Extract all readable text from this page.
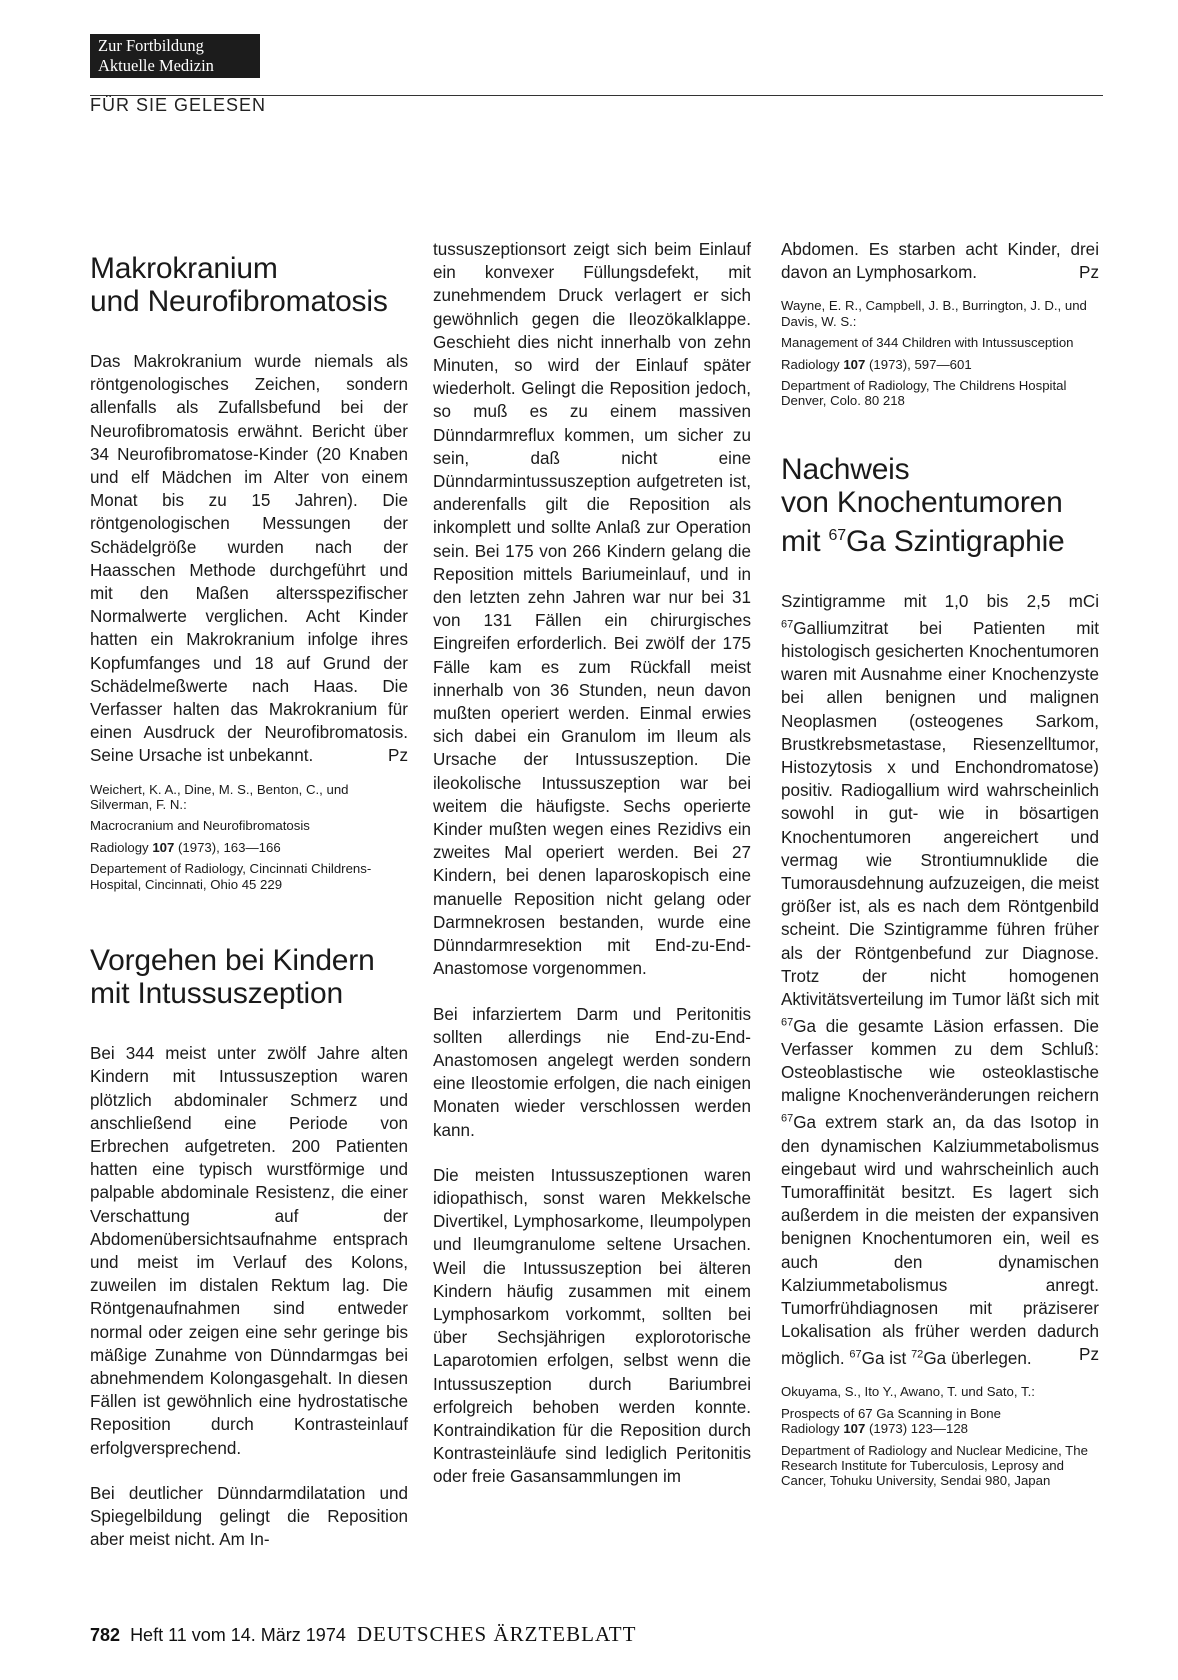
Zur Fortbildung
Aktuelle Medizin
FÜR SIE GELESEN
Makrokranium
und Neurofibromatosis

Das Makrokranium wurde niemals als röntgenologisches Zeichen, sondern allenfalls als Zufallsbefund bei der Neurofibromatosis erwähnt. Bericht über 34 Neurofibromatose-Kinder (20 Knaben und elf Mädchen im Alter von einem Monat bis zu 15 Jahren). Die röntgenologischen Messungen der Schädelgröße wurden nach der Haasschen Methode durchgeführt und mit den Maßen altersspezifischer Normalwerte verglichen. Acht Kinder hatten ein Makrokranium infolge ihres Kopfumfanges und 18 auf Grund der Schädelmeßwerte nach Haas. Die Verfasser halten das Makrokranium für einen Ausdruck der Neurofibromatosis. Seine Ursache ist unbekannt.	Pz

Weichert, K. A., Dine, M. S., Benton, C., und Silverman, F. N.:
Macrocranium and Neurofibromatosis
Radiology 107 (1973), 163—166
Departement of Radiology, Cincinnati Childrens-Hospital, Cincinnati, Ohio 45 229
Vorgehen bei Kindern
mit Intussuszeption

Bei 344 meist unter zwölf Jahre alten Kindern mit Intussuszeption waren plötzlich abdominaler Schmerz und anschließend eine Periode von Erbrechen aufgetreten. 200 Patienten hatten eine typisch wurstförmige und palpable abdominale Resistenz, die einer Verschattung auf der Abdomenübersichtsaufnahme entsprach und meist im Verlauf des Kolons, zuweilen im distalen Rektum lag. Die Röntgenaufnahmen sind entweder normal oder zeigen eine sehr geringe bis mäßige Zunahme von Dünndarmgas bei abnehmendem Kolongasgehalt. In diesen Fällen ist gewöhnlich eine hydrostatische Reposition durch Kontrasteinlauf erfolgversprechend.

Bei deutlicher Dünndarmdilatation und Spiegelbildung gelingt die Reposition aber meist nicht. Am In-

tussuszeptionsort zeigt sich beim Einlauf ein konvexer Füllungsdefekt, mit zunehmendem Druck verlagert er sich gewöhnlich gegen die Ileozökalklappe. Geschieht dies nicht innerhalb von zehn Minuten, so wird der Einlauf später wiederholt. Gelingt die Reposition jedoch, so muß es zu einem massiven Dünndarmreflux kommen, um sicher zu sein, daß nicht eine Dünndarmintussuszeption aufgetreten ist, anderenfalls gilt die Reposition als inkomplett und sollte Anlaß zur Operation sein. Bei 175 von 266 Kindern gelang die Reposition mittels Bariumeinlauf, und in den letzten zehn Jahren war nur bei 31 von 131 Fällen ein chirurgisches Eingreifen erforderlich. Bei zwölf der 175 Fälle kam es zum Rückfall meist innerhalb von 36 Stunden, neun davon mußten operiert werden. Einmal erwies sich dabei ein Granulom im Ileum als Ursache der Intussuszeption. Die ileokolische Intussuszeption war bei weitem die häufigste. Sechs operierte Kinder mußten wegen eines Rezidivs ein zweites Mal operiert werden. Bei 27 Kindern, bei denen laparoskopisch eine manuelle Reposition nicht gelang oder Darmnekrosen bestanden, wurde eine Dünndarmresektion mit End-zu-End-Anastomose vorgenommen.

Bei infarziertem Darm und Peritonitis sollten allerdings nie End-zu-End-Anastomosen angelegt werden sondern eine Ileostomie erfolgen, die nach einigen Monaten wieder verschlossen werden kann.

Die meisten Intussuszeptionen waren idiopathisch, sonst waren Mekkelsche Divertikel, Lymphosarkome, Ileumpolypen und Ileumgranulome seltene Ursachen. Weil die Intussuszeption bei älteren Kindern häufig zusammen mit einem Lymphosarkom vorkommt, sollten bei über Sechsjährigen explorotorische Laparotomien erfolgen, selbst wenn die Intussuszeption durch Bariumbrei erfolgreich behoben werden konnte. Kontraindikation für die Reposition durch Kontrasteinläufe sind lediglich Peritonitis oder freie Gasansammlungen im

Abdomen. Es starben acht Kinder, drei davon an Lymphosarkom.	Pz

Wayne, E. R., Campbell, J. B., Burrington, J. D., und Davis, W. S.:
Management of 344 Children with Intussusception
Radiology 107 (1973), 597—601
Department of Radiology, The Childrens Hospital Denver, Colo. 80 218
Nachweis
von Knochentumoren
mit $^{67}$Ga Szintigraphie

Szintigramme mit 1,0 bis 2,5 mCi $^{67}$Galliumzitrat bei Patienten mit histologisch gesicherten Knochentumoren waren mit Ausnahme einer Knochenzyste bei allen benignen und malignen Neoplasmen (osteogenes Sarkom, Brustkrebsmetastase, Riesenzelltumor, Histozytosis x und Enchondromatose) positiv. Radiogallium wird wahrscheinlich sowohl in gut- wie in bösartigen Knochentumoren angereichert und vermag wie Strontiumnuklide die Tumorausdehnung aufzuzeigen, die meist größer ist, als es nach dem Röntgenbild scheint. Die Szintigramme führen früher als der Röntgenbefund zur Diagnose. Trotz der nicht homogenen Aktivitätsverteilung im Tumor läßt sich mit $^{67}$Ga die gesamte Läsion erfassen. Die Verfasser kommen zu dem Schluß: Osteoblastische wie osteoklastische maligne Knochenveränderungen reichern $^{67}$Ga extrem stark an, da das Isotop in den dynamischen Kalziummetabolismus eingebaut wird und wahrscheinlich auch Tumoraffinität besitzt. Es lagert sich außerdem in die meisten der expansiven benignen Knochentumoren ein, weil es auch den dynamischen Kalziummetabolismus anregt. Tumorfrühdiagnosen mit präziserer Lokalisation als früher werden dadurch möglich. $^{67}$Ga ist $^{72}$Ga überlegen.	Pz

Okuyama, S., Ito Y., Awano, T. und Sato, T.:
Prospects of 67 Ga Scanning in Bone
Radiology 107 (1973) 123—128
Department of Radiology and Nuclear Medicine, The Research Institute for Tuberculosis, Leprosy and Cancer, Tohuku University, Sendai 980, Japan
782 Heft 11 vom 14. März 1974 DEUTSCHES ÄRZTEBLATT
